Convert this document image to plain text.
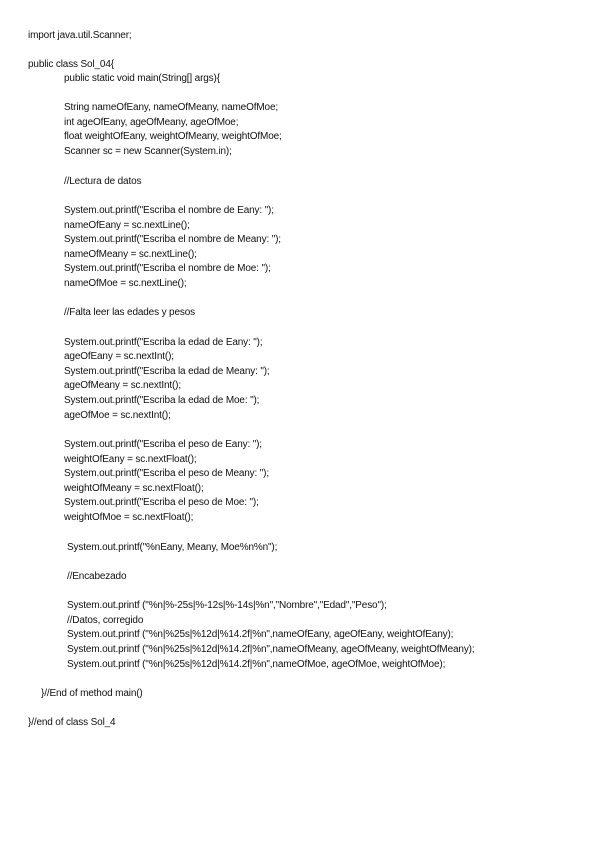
import java.util.Scanner;
public class Sol_04{
public static void main(String[] args){
String nameOfEany, nameOfMeany, nameOfMoe;
int ageOfEany, ageOfMeany, ageOfMoe;
float weightOfEany, weightOfMeany, weightOfMoe;
Scanner sc = new Scanner(System.in);
//Lectura de datos
System.out.printf("Escriba el nombre de Eany: ");
nameOfEany = sc.nextLine();
System.out.printf("Escriba el nombre de Meany: ");
nameOfMeany = sc.nextLine();
System.out.printf("Escriba el nombre de Moe: ");
nameOfMoe = sc.nextLine();
//Falta leer las edades y pesos
System.out.printf("Escriba la edad de Eany: ");
ageOfEany = sc.nextInt();
System.out.printf("Escriba la edad de Meany: ");
ageOfMeany = sc.nextInt();
System.out.printf("Escriba la edad de Moe: ");
ageOfMoe = sc.nextInt();
System.out.printf("Escriba el peso de Eany: ");
weightOfEany = sc.nextFloat();
System.out.printf("Escriba el peso de Meany: ");
weightOfMeany = sc.nextFloat();
System.out.printf("Escriba el peso de Moe: ");
weightOfMoe = sc.nextFloat();
System.out.printf("%nEany, Meany, Moe%n%n");
//Encabezado
System.out.printf ("%n|%-25s|%-12s|%-14s|%n","Nombre","Edad","Peso");
//Datos, corregido
System.out.printf ("%n|%25s|%12d|%14.2f|%n",nameOfEany, ageOfEany, weightOfEany);
System.out.printf ("%n|%25s|%12d|%14.2f|%n",nameOfMeany, ageOfMeany, weightOfMeany);
System.out.printf ("%n|%25s|%12d|%14.2f|%n",nameOfMoe, ageOfMoe, weightOfMoe);
}//End of method main()
}//end of class Sol_4
